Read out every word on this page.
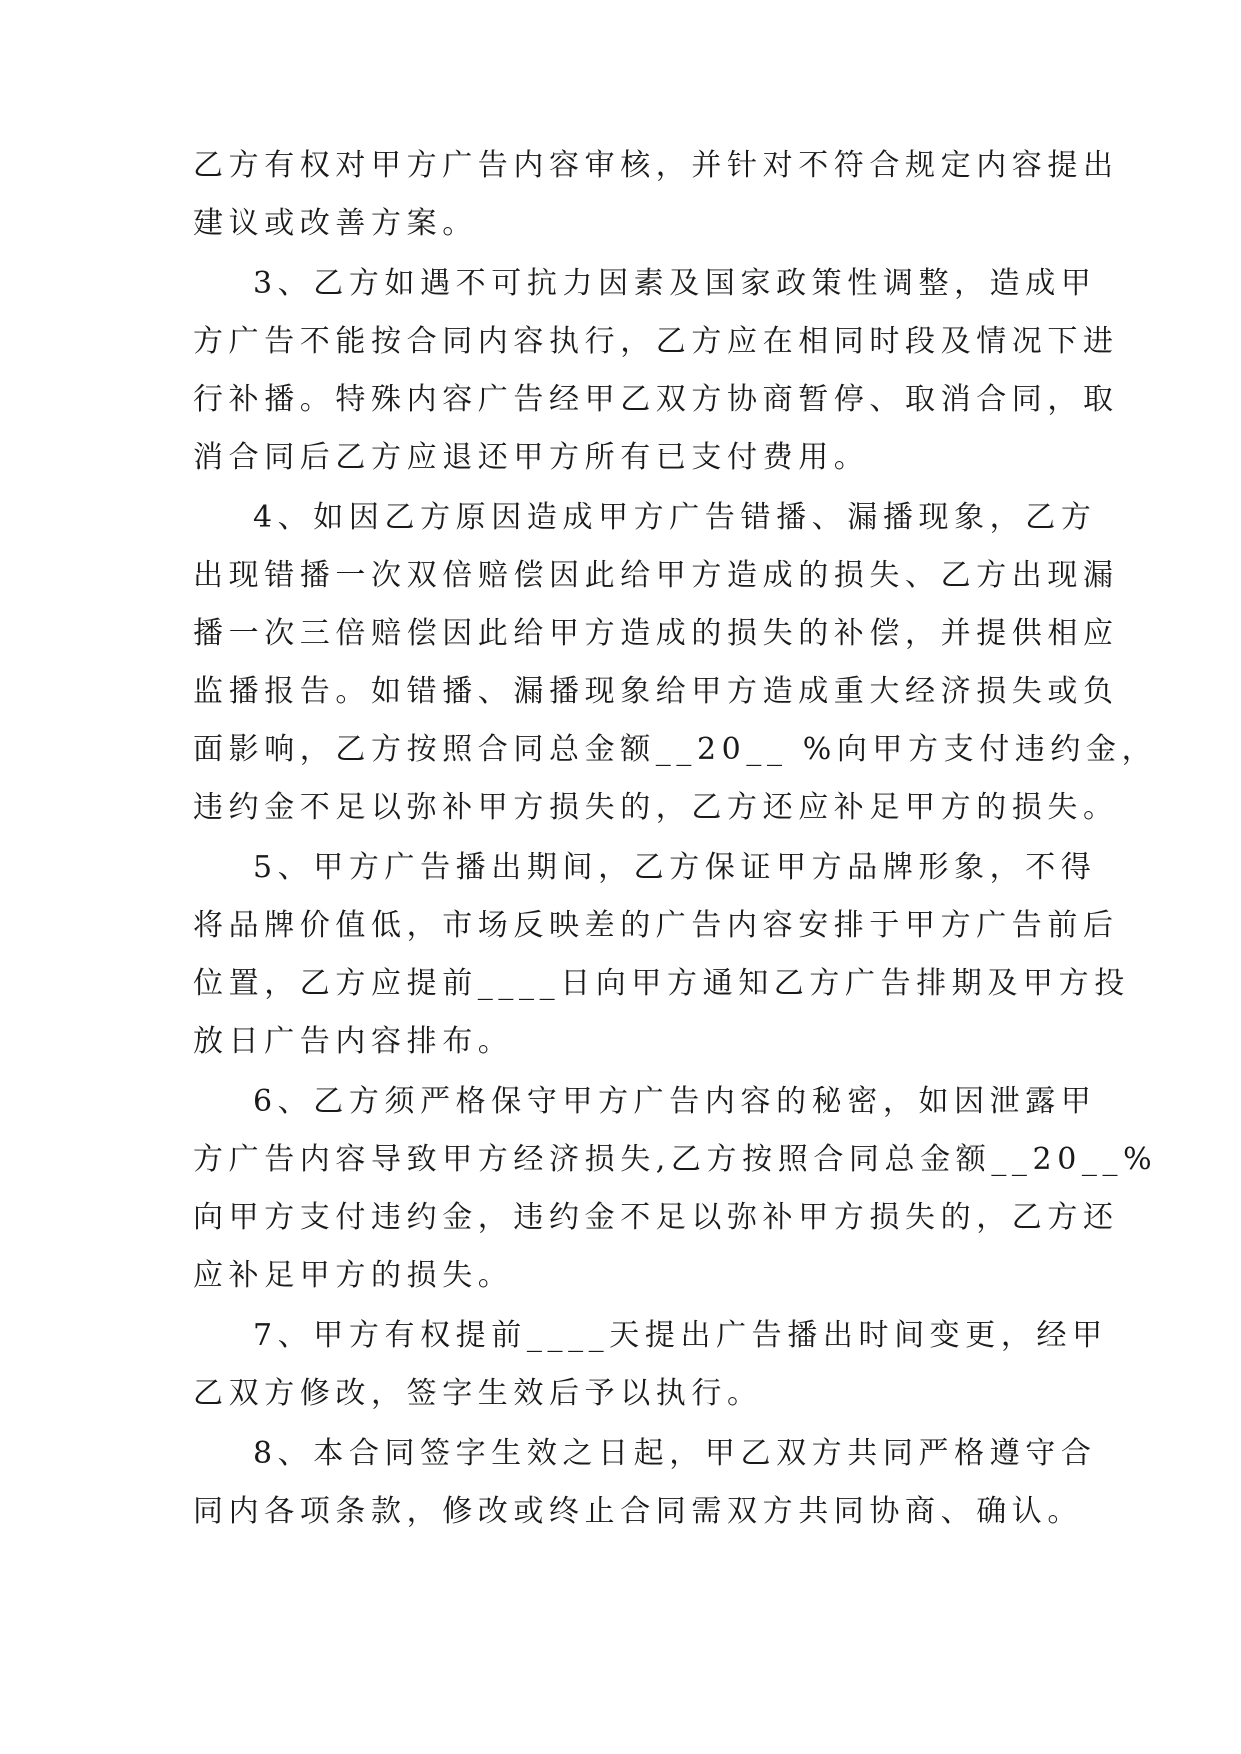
乙方有权对甲方广告内容审核，并针对不符合规定内容提出
建议或改善方案。
3、乙方如遇不可抗力因素及国家政策性调整，造成甲
方广告不能按合同内容执行，乙方应在相同时段及情况下进
行补播。特殊内容广告经甲乙双方协商暂停、取消合同，取
消合同后乙方应退还甲方所有已支付费用。
4、如因乙方原因造成甲方广告错播、漏播现象，乙方
出现错播一次双倍赔偿因此给甲方造成的损失、乙方出现漏
播一次三倍赔偿因此给甲方造成的损失的补偿，并提供相应
监播报告。如错播、漏播现象给甲方造成重大经济损失或负
面影响，乙方按照合同总金额__20__ %向甲方支付违约金，
违约金不足以弥补甲方损失的，乙方还应补足甲方的损失。
5、甲方广告播出期间，乙方保证甲方品牌形象，不得
将品牌价值低，市场反映差的广告内容安排于甲方广告前后
位置，乙方应提前____日向甲方通知乙方广告排期及甲方投
放日广告内容排布。
6、乙方须严格保守甲方广告内容的秘密，如因泄露甲
方广告内容导致甲方经济损失,乙方按照合同总金额__20__%
向甲方支付违约金，违约金不足以弥补甲方损失的，乙方还
应补足甲方的损失。
7、甲方有权提前____天提出广告播出时间变更，经甲
乙双方修改，签字生效后予以执行。
8、本合同签字生效之日起，甲乙双方共同严格遵守合
同内各项条款，修改或终止合同需双方共同协商、确认。
